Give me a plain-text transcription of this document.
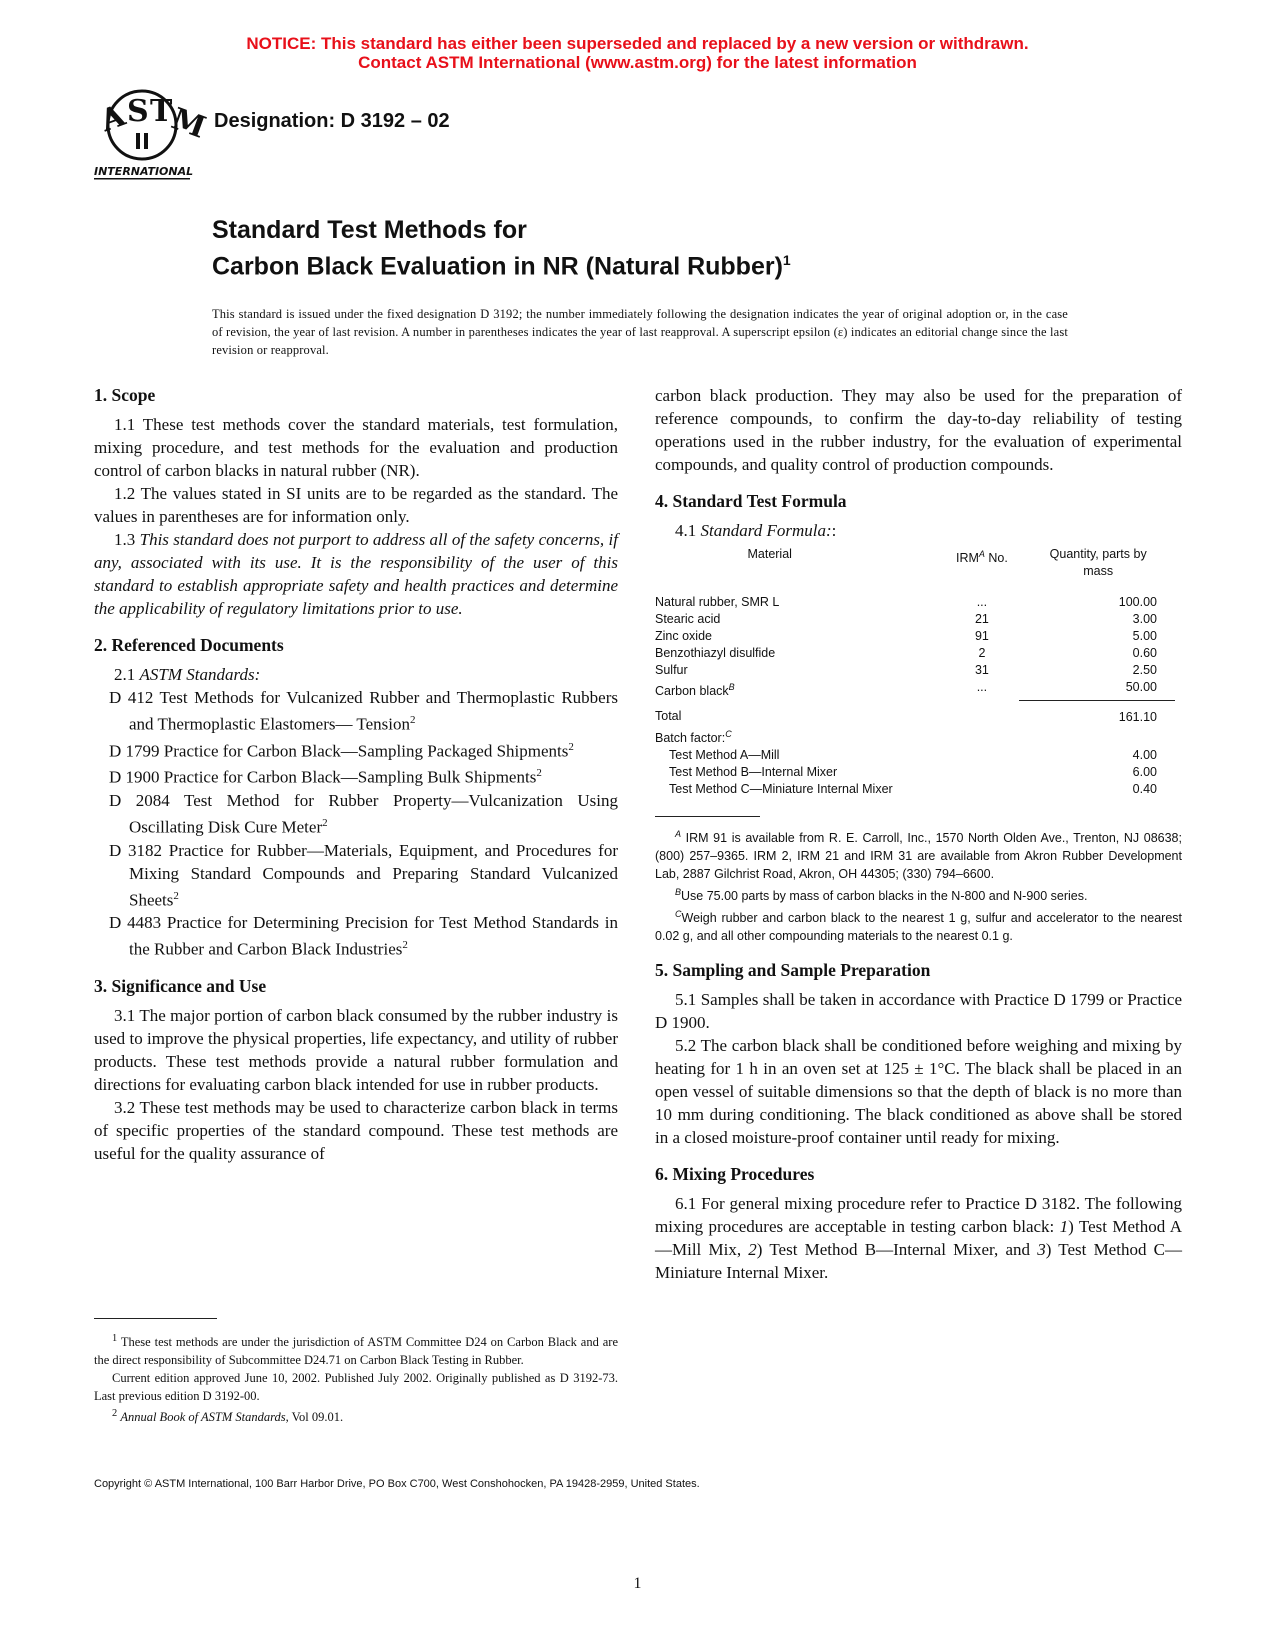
NOTICE: This standard has either been superseded and replaced by a new version or withdrawn.
Contact ASTM International (www.astm.org) for the latest information
A
S T
M
INTERNATIONAL
Designation: D 3192 – 02
Standard Test Methods for
Carbon Black Evaluation in NR (Natural Rubber)$^1$
This standard is issued under the fixed designation D 3192; the number immediately following the designation indicates the year of original adoption or, in the case of revision, the year of last revision. A number in parentheses indicates the year of last reapproval. A superscript epsilon (ε) indicates an editorial change since the last revision or reapproval.
1. Scope

1.1 These test methods cover the standard materials, test formulation, mixing procedure, and test methods for the evaluation and production control of carbon blacks in natural rubber (NR).

1.2 The values stated in SI units are to be regarded as the standard. The values in parentheses are for information only.

1.3 This standard does not purport to address all of the safety concerns, if any, associated with its use. It is the responsibility of the user of this standard to establish appropriate safety and health practices and determine the applicability of regulatory limitations prior to use.

2. Referenced Documents

2.1 ASTM Standards:

D 412 Test Methods for Vulcanized Rubber and Thermoplastic Rubbers and Thermoplastic Elastomers— Tension$^2$

D 1799 Practice for Carbon Black—Sampling Packaged Shipments$^2$

D 1900 Practice for Carbon Black—Sampling Bulk Shipments$^2$

D 2084 Test Method for Rubber Property—Vulcanization Using Oscillating Disk Cure Meter$^2$

D 3182 Practice for Rubber—Materials, Equipment, and Procedures for Mixing Standard Compounds and Preparing Standard Vulcanized Sheets$^2$

D 4483 Practice for Determining Precision for Test Method Standards in the Rubber and Carbon Black Industries$^2$

3. Significance and Use

3.1 The major portion of carbon black consumed by the rubber industry is used to improve the physical properties, life expectancy, and utility of rubber products. These test methods provide a natural rubber formulation and directions for evaluating carbon black intended for use in rubber products.

3.2 These test methods may be used to characterize carbon black in terms of specific properties of the standard compound. These test methods are useful for the quality assurance of

$^1$ These test methods are under the jurisdiction of ASTM Committee D24 on Carbon Black and are the direct responsibility of Subcommittee D24.71 on Carbon Black Testing in Rubber.

Current edition approved June 10, 2002. Published July 2002. Originally published as D 3192-73. Last previous edition D 3192-00.

$^2$ Annual Book of ASTM Standards, Vol 09.01.

carbon black production. They may also be used for the preparation of reference compounds, to confirm the day-to-day reliability of testing operations used in the rubber industry, for the evaluation of experimental compounds, and quality control of production compounds.

4. Standard Test Formula

4.1 Standard Formula::

Material	$IRM^A$ No.	Quantity, parts by mass
Natural rubber, SMR L	...	100.00
Stearic acid	21	3.00
Zinc oxide	91	5.00
Benzothiazyl disulfide	2	0.60
Sulfur	31	2.50
Carbon black$^B$	...	50.00
Total		161.10
Batch factor:$^C$		
Test Method A—Mill		4.00
Test Method B—Internal Mixer		6.00
Test Method C—Miniature Internal Mixer		0.40

$^A$ IRM 91 is available from R. E. Carroll, Inc., 1570 North Olden Ave., Trenton, NJ 08638; (800) 257–9365. IRM 2, IRM 21 and IRM 31 are available from Akron Rubber Development Lab, 2887 Gilchrist Road, Akron, OH 44305; (330) 794–6600.

$^B$Use 75.00 parts by mass of carbon blacks in the N-800 and N-900 series.

$^C$Weigh rubber and carbon black to the nearest 1 g, sulfur and accelerator to the nearest 0.02 g, and all other compounding materials to the nearest 0.1 g.

5. Sampling and Sample Preparation

5.1 Samples shall be taken in accordance with Practice D 1799 or Practice D 1900.

5.2 The carbon black shall be conditioned before weighing and mixing by heating for 1 h in an oven set at 125 ± 1°C. The black shall be placed in an open vessel of suitable dimensions so that the depth of black is no more than 10 mm during conditioning. The black conditioned as above shall be stored in a closed moisture-proof container until ready for mixing.

6. Mixing Procedures

6.1 For general mixing procedure refer to Practice D 3182. The following mixing procedures are acceptable in testing carbon black: 1) Test Method A—Mill Mix, 2) Test Method B—Internal Mixer, and 3) Test Method C—Miniature Internal Mixer.

Copyright © ASTM International, 100 Barr Harbor Drive, PO Box C700, West Conshohocken, PA 19428-2959, United States.
1
